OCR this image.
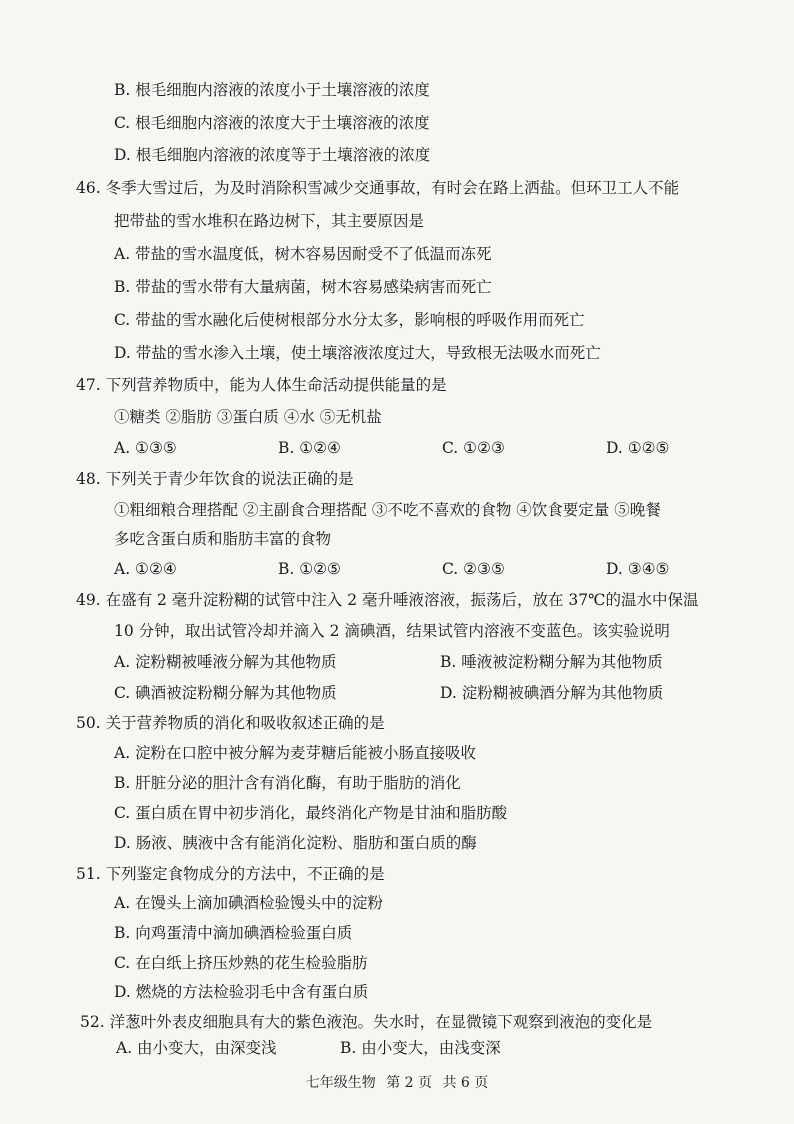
B. 根毛细胞内溶液的浓度小于土壤溶液的浓度
C. 根毛细胞内溶液的浓度大于土壤溶液的浓度
D. 根毛细胞内溶液的浓度等于土壤溶液的浓度
46. 冬季大雪过后，为及时消除积雪减少交通事故，有时会在路上洒盐。但环卫工人不能
把带盐的雪水堆积在路边树下，其主要原因是
A. 带盐的雪水温度低，树木容易因耐受不了低温而冻死
B. 带盐的雪水带有大量病菌，树木容易感染病害而死亡
C. 带盐的雪水融化后使树根部分水分太多，影响根的呼吸作用而死亡
D. 带盐的雪水渗入土壤，使土壤溶液浓度过大，导致根无法吸水而死亡
47. 下列营养物质中，能为人体生命活动提供能量的是
①糖类 ②脂肪 ③蛋白质 ④水 ⑤无机盐
A. ①③⑤	B. ①②④	C. ①②③	D. ①②⑤
48. 下列关于青少年饮食的说法正确的是
①粗细粮合理搭配 ②主副食合理搭配 ③不吃不喜欢的食物 ④饮食要定量 ⑤晚餐
多吃含蛋白质和脂肪丰富的食物
A. ①②④	B. ①②⑤	C. ②③⑤	D. ③④⑤
49. 在盛有 2 毫升淀粉糊的试管中注入 2 毫升唾液溶液，振荡后，放在 37℃的温水中保温
10 分钟，取出试管冷却并滴入 2 滴碘酒，结果试管内溶液不变蓝色。该实验说明
A. 淀粉糊被唾液分解为其他物质	B. 唾液被淀粉糊分解为其他物质
C. 碘酒被淀粉糊分解为其他物质	D. 淀粉糊被碘酒分解为其他物质
50. 关于营养物质的消化和吸收叙述正确的是
A. 淀粉在口腔中被分解为麦芽糖后能被小肠直接吸收
B. 肝脏分泌的胆汁含有消化酶，有助于脂肪的消化
C. 蛋白质在胃中初步消化，最终消化产物是甘油和脂肪酸
D. 肠液、胰液中含有能消化淀粉、脂肪和蛋白质的酶
51. 下列鉴定食物成分的方法中，不正确的是
A. 在馒头上滴加碘酒检验馒头中的淀粉
B. 向鸡蛋清中滴加碘酒检验蛋白质
C. 在白纸上挤压炒熟的花生检验脂肪
D. 燃烧的方法检验羽毛中含有蛋白质
52. 洋葱叶外表皮细胞具有大的紫色液泡。失水时，在显微镜下观察到液泡的变化是
A. 由小变大，由深变浅	B. 由小变大，由浅变深
七年级生物 第 2 页 共 6 页
